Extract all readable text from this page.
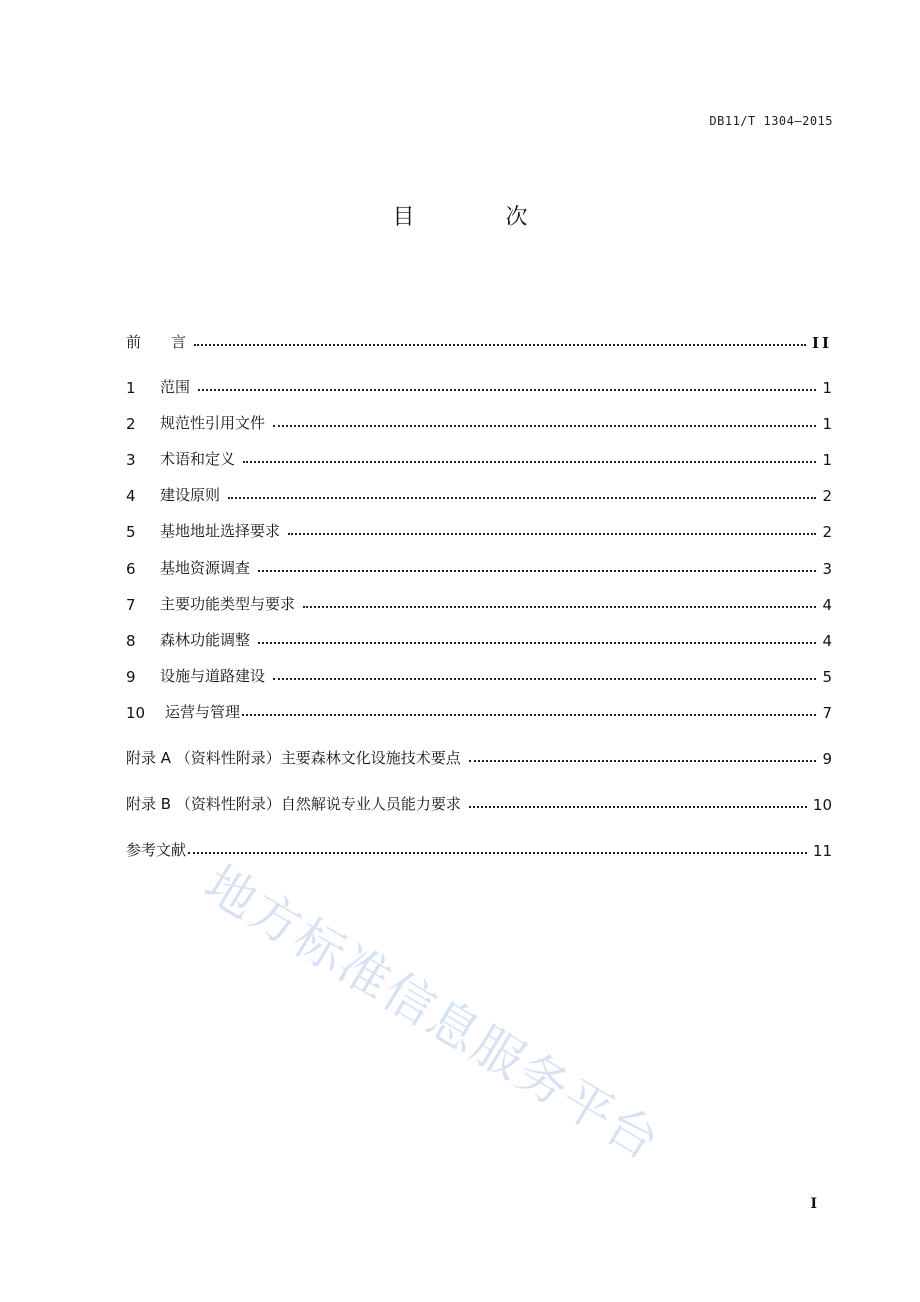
DB11/T 1304—2015
目 次
前　　言	II
1	范围	1
2	规范性引用文件	1
3	术语和定义	1
4	建设原则	2
5	基地地址选择要求	2
6	基地资源调查	3
7	主要功能类型与要求	4
8	森林功能调整	4
9	设施与道路建设	5
10	运营与管理	7
附录 A （资料性附录）主要森林文化设施技术要点	9
附录 B （资料性附录）自然解说专业人员能力要求	10
参考文献	11
地方标准信息服务平台
I
